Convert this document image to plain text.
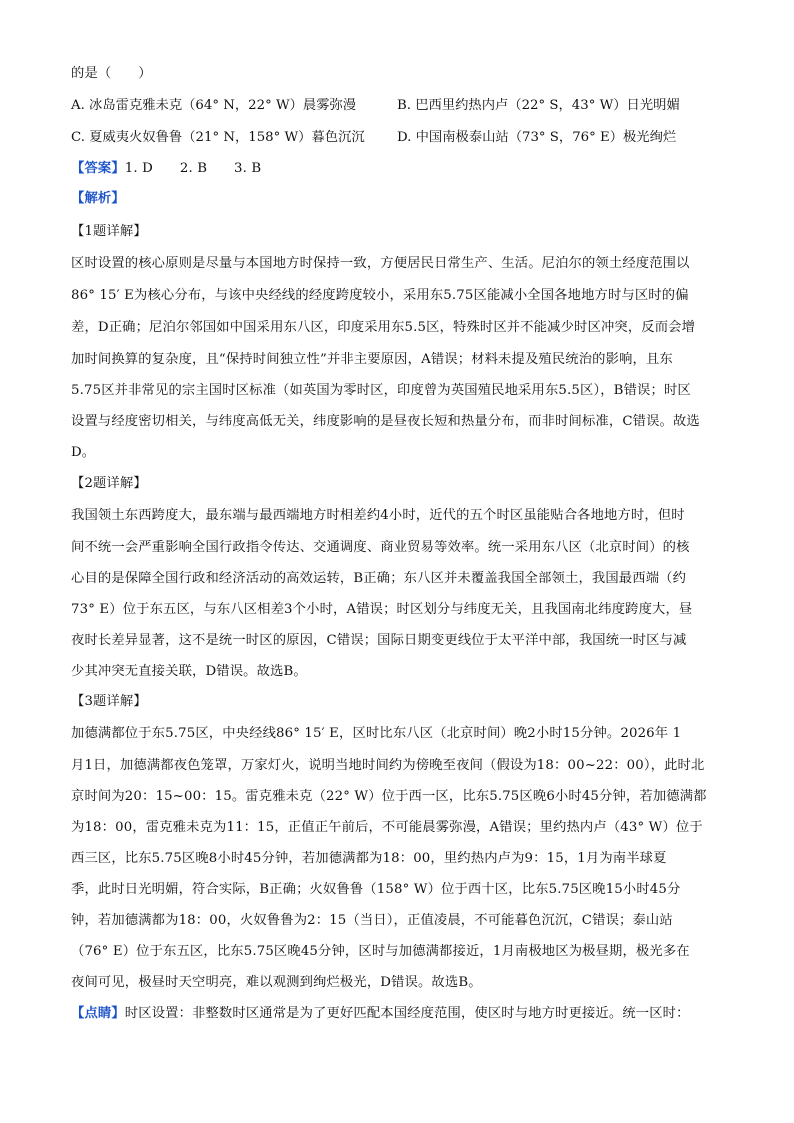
的是（　　）
A. 冰岛雷克雅未克（64° N，22° W）晨雾弥漫	B. 巴西里约热内卢（22° S，43° W）日光明媚
C. 夏威夷火奴鲁鲁（21° N，158° W）暮色沉沉 D. 中国南极泰山站（73° S，76° E）极光绚烂
【答案】1. D　　2. B　　3. B
【解析】
【1题详解】
区时设置的核心原则是尽量与本国地方时保持一致，方便居民日常生产、生活。尼泊尔的领土经度范围以
86° 15′ E为核心分布，与该中央经线的经度跨度较小，采用东5.75区能减小全国各地地方时与区时的偏
差，D正确；尼泊尔邻国如中国采用东八区，印度采用东5.5区，特殊时区并不能减少时区冲突，反而会增
加时间换算的复杂度，且“保持时间独立性”并非主要原因，A错误；材料未提及殖民统治的影响，且东
5.75区并非常见的宗主国时区标准（如英国为零时区，印度曾为英国殖民地采用东5.5区），B错误；时区
设置与经度密切相关，与纬度高低无关，纬度影响的是昼夜长短和热量分布，而非时间标准，C错误。故选
D。
【2题详解】
我国领土东西跨度大，最东端与最西端地方时相差约4小时，近代的五个时区虽能贴合各地地方时，但时
间不统一会严重影响全国行政指令传达、交通调度、商业贸易等效率。统一采用东八区（北京时间）的核
心目的是保障全国行政和经济活动的高效运转，B正确；东八区并未覆盖我国全部领土，我国最西端（约
73° E）位于东五区，与东八区相差3个小时，A错误；时区划分与纬度无关，且我国南北纬度跨度大，昼
夜时长差异显著，这不是统一时区的原因，C错误；国际日期变更线位于太平洋中部，我国统一时区与减
少其冲突无直接关联，D错误。故选B。
【3题详解】
加德满都位于东5.75区，中央经线86° 15′ E，区时比东八区（北京时间）晚2小时15分钟。2026年 1
月1日，加德满都夜色笼罩，万家灯火，说明当地时间约为傍晚至夜间（假设为18：00~22：00），此时北
京时间为20：15~00：15。雷克雅未克（22° W）位于西一区，比东5.75区晚6小时45分钟，若加德满都
为18：00，雷克雅未克为11：15，正值正午前后，不可能晨雾弥漫，A错误；里约热内卢（43° W）位于
西三区，比东5.75区晚8小时45分钟，若加德满都为18：00，里约热内卢为9：15，1月为南半球夏
季，此时日光明媚，符合实际，B正确；火奴鲁鲁（158° W）位于西十区，比东5.75区晚15小时45分
钟，若加德满都为18：00，火奴鲁鲁为2：15（当日），正值凌晨，不可能暮色沉沉，C错误；泰山站
（76° E）位于东五区，比东5.75区晚45分钟，区时与加德满都接近，1月南极地区为极昼期，极光多在
夜间可见，极昼时天空明亮，难以观测到绚烂极光，D错误。故选B。
【点睛】时区设置：非整数时区通常是为了更好匹配本国经度范围，使区时与地方时更接近。统一区时：
